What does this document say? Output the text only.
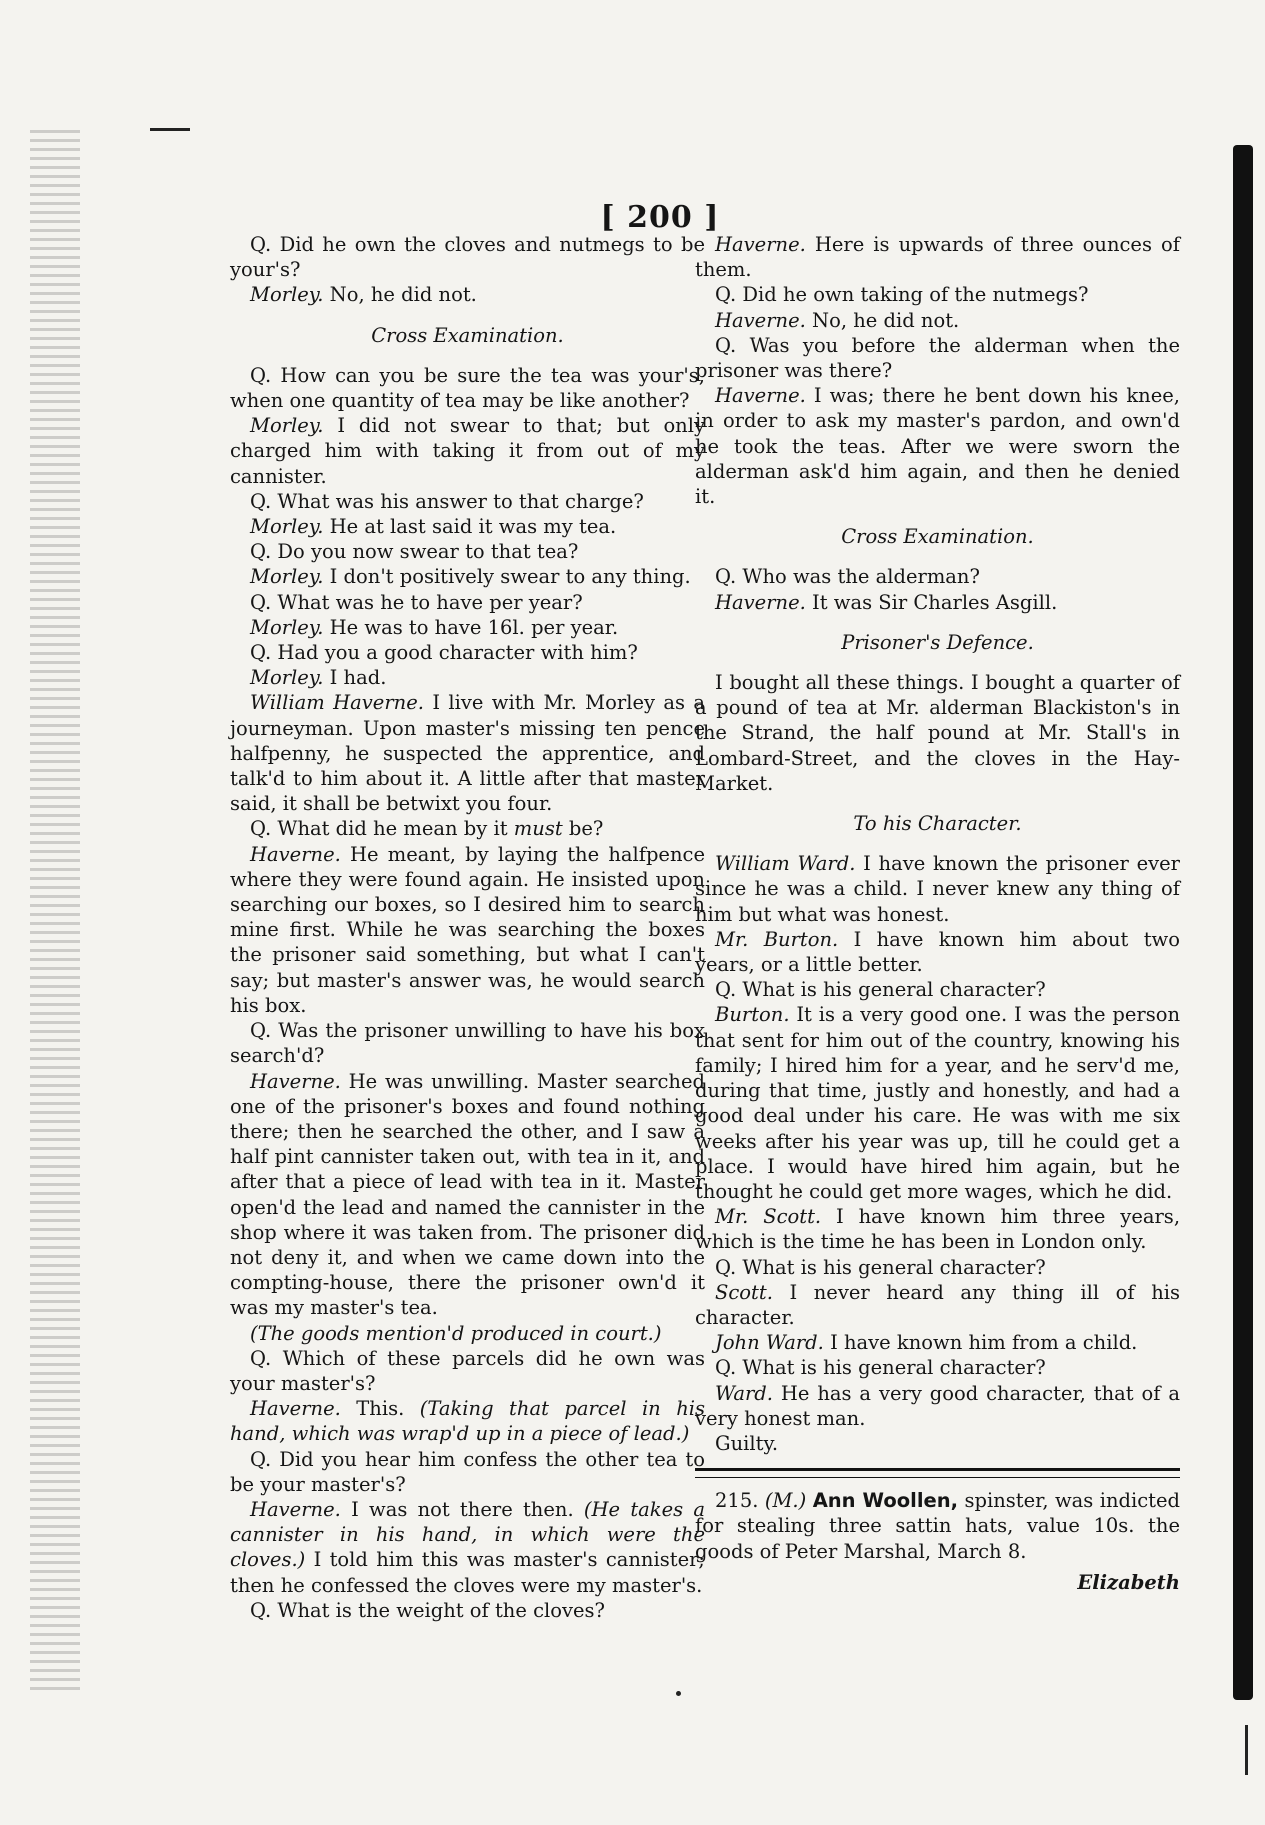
[ 200 ]

Q. Did he own the cloves and nutmegs to be your's?

Morley. No, he did not.

Cross Examination.

Q. How can you be sure the tea was your's, when one quantity of tea may be like another?

Morley. I did not swear to that; but only charged him with taking it from out of my cannister.

Q. What was his answer to that charge?

Morley. He at last said it was my tea.

Q. Do you now swear to that tea?

Morley. I don't positively swear to any thing.

Q. What was he to have per year?

Morley. He was to have 16l. per year.

Q. Had you a good character with him?

Morley. I had.

William Haverne. I live with Mr. Morley as a journeyman. Upon master's missing ten pence halfpenny, he suspected the apprentice, and talk'd to him about it. A little after that master said, it shall be betwixt you four.

Q. What did he mean by it must be?

Haverne. He meant, by laying the halfpence where they were found again. He insisted upon searching our boxes, so I desired him to search mine first. While he was searching the boxes the prisoner said something, but what I can't say; but master's answer was, he would search his box.

Q. Was the prisoner unwilling to have his box search'd?

Haverne. He was unwilling. Master searched one of the prisoner's boxes and found nothing there; then he searched the other, and I saw a half pint cannister taken out, with tea in it, and after that a piece of lead with tea in it. Master open'd the lead and named the cannister in the shop where it was taken from. The prisoner did not deny it, and when we came down into the compting-house, there the prisoner own'd it was my master's tea.

(The goods mention'd produced in court.)

Q. Which of these parcels did he own was your master's?

Haverne. This. (Taking that parcel in his hand, which was wrap'd up in a piece of lead.)

Q. Did you hear him confess the other tea to be your master's?

Haverne. I was not there then. (He takes a cannister in his hand, in which were the cloves.) I told him this was master's cannister; then he confessed the cloves were my master's.

Q. What is the weight of the cloves?

Haverne. Here is upwards of three ounces of them.

Q. Did he own taking of the nutmegs?

Haverne. No, he did not.

Q. Was you before the alderman when the prisoner was there?

Haverne. I was; there he bent down his knee, in order to ask my master's pardon, and own'd he took the teas. After we were sworn the alderman ask'd him again, and then he denied it.

Cross Examination.

Q. Who was the alderman?

Haverne. It was Sir Charles Asgill.

Prisoner's Defence.

I bought all these things. I bought a quarter of a pound of tea at Mr. alderman Blackiston's in the Strand, the half pound at Mr. Stall's in Lombard-Street, and the cloves in the Hay-Market.

To his Character.

William Ward. I have known the prisoner ever since he was a child. I never knew any thing of him but what was honest.

Mr. Burton. I have known him about two years, or a little better.

Q. What is his general character?

Burton. It is a very good one. I was the person that sent for him out of the country, knowing his family; I hired him for a year, and he serv'd me, during that time, justly and honestly, and had a good deal under his care. He was with me six weeks after his year was up, till he could get a place. I would have hired him again, but he thought he could get more wages, which he did.

Mr. Scott. I have known him three years, which is the time he has been in London only.

Q. What is his general character?

Scott. I never heard any thing ill of his character.

John Ward. I have known him from a child.

Q. What is his general character?

Ward. He has a very good character, that of a very honest man.

Guilty.

215. (M.) Ann Woollen, spinster, was indicted for stealing three sattin hats, value 10s. the goods of Peter Marshal, March 8.

Elizabeth
